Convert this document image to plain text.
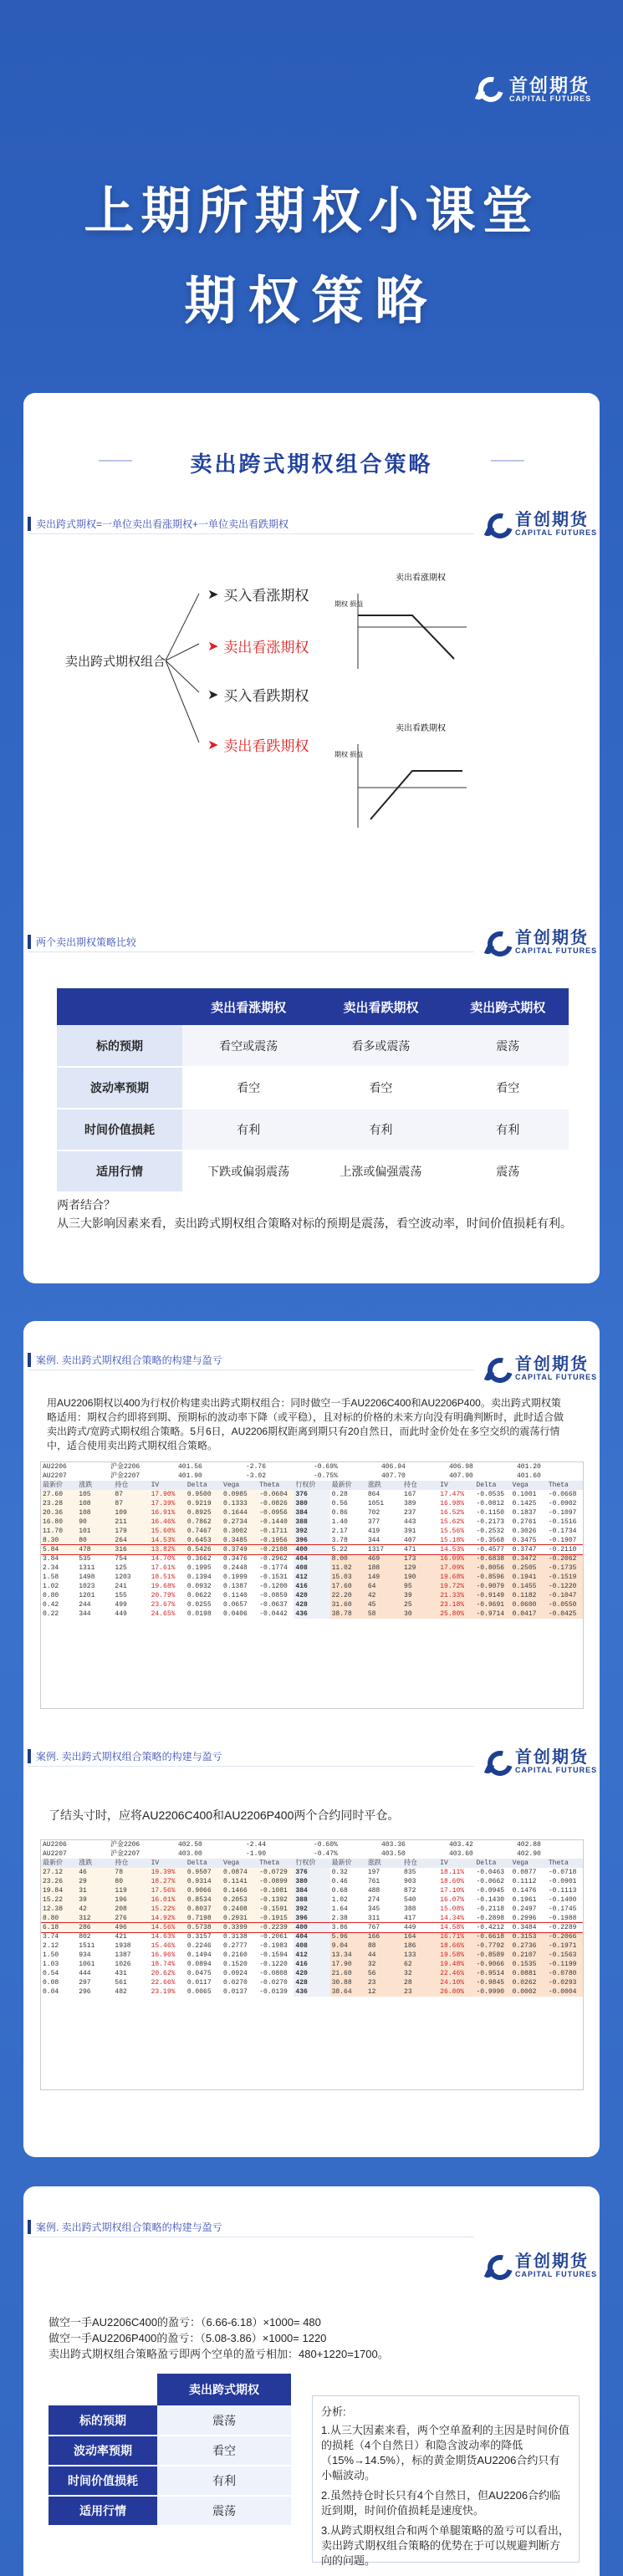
首创期货
CAPITAL FUTURES
上期所期权小课堂
期权策略
卖出跨式期权组合策略
卖出跨式期权=一单位卖出看涨期权+一单位卖出看跌期权	首创期货
CAPITAL FUTURES
卖出跨式期权组合
➤ 买入看涨期权
➤ 卖出看涨期权
➤ 买入看跌期权
➤ 卖出看跌期权
卖出看涨期权
期权 损益
卖出看跌期权
期权 损益
两个卖出期权策略比较	首创期货
CAPITAL FUTURES
	卖出看涨期权	卖出看跌期权	卖出跨式期权
标的预期	看空或震荡	看多或震荡	震荡
波动率预期	看空	看空	看空
时间价值损耗	有利	有利	有利
适用行情	下跌或偏弱震荡	上涨或偏强震荡	震荡
两者结合？
从三大影响因素来看，卖出跨式期权组合策略对标的预期是震荡，看空波动率，时间价值损耗有利。
案例. 卖出跨式期权组合策略的构建与盈亏	首创期货
CAPITAL FUTURES
用AU2206期权以400为行权价构建卖出跨式期权组合：同时做空一手AU2206C400和AU2206P400。卖出跨式期权策略适用：期权合约即将到期、预期标的波动率下降（或平稳），且对标的价格的未来方向没有明确判断时，此时适合做卖出跨式/宽跨式期权组合策略。5月6日，AU2206期权距离到期只有20自然日，而此时金价处在多空交织的震荡行情中，适合使用卖出跨式期权组合策略。
AU2206	沪金2206	401.56	-2.76	-0.69%	406.94	406.98	401.20
AU2207	沪金2207	401.90	-3.02	-0.75%	407.70	407.90	401.60
最新价	涨跌	持仓	IV	Delta	Vega	Theta	行权价	最新价	涨跌	持仓	IV	Delta	Vega	Theta
27.60	105	87	17.90%	0.9500	0.0985	-0.0604	376	0.28	864	167	17.47%	-0.0535	0.1001	-0.0668
23.28	108	87	17.39%	0.9219	0.1333	-0.0826	380	0.56	1051	389	16.98%	-0.0812	0.1425	-0.0902
20.36	108	109	16.91%	0.8925	0.1644	-0.0956	384	0.86	702	237	16.52%	-0.1150	0.1837	-0.1097
16.80	90	211	16.46%	0.7862	0.2734	-0.1440	388	1.40	377	443	15.62%	-0.2173	0.2761	-0.1516
11.70	101	179	15.60%	0.7467	0.3002	-0.1711	392	2.17	419	391	15.56%	-0.2532	0.3026	-0.1734
8.30	80	264	14.53%	0.6453	0.3485	-0.1956	396	3.78	344	407	15.18%	-0.3568	0.3475	-0.1907
5.84	478	316	13.82%	0.5426	0.3749	-0.2108	400	5.22	1317	471	14.53%	-0.4577	0.3747	-0.2110
3.84	535	754	14.70%	0.3662	0.3476	-0.2962	404	8.00	469	173	16.09%	-0.6838	0.3472	-0.2062
2.34	1311	125	17.61%	0.1995	0.2448	-0.1774	408	11.02	188	129	17.09%	-0.8056	0.2505	-0.1735
1.58	1498	1203	18.51%	0.1394	0.1999	-0.1531	412	15.03	149	190	19.68%	-0.8596	0.1941	-0.1519
1.02	1023	241	19.68%	0.0932	0.1387	-0.1200	416	17.60	64	95	19.72%	-0.9079	0.1455	-0.1220
0.80	1201	155	20.79%	0.0622	0.1140	-0.0859	420	22.20	42	39	21.33%	-0.9149	0.1182	-0.1047
0.42	244	499	23.67%	0.0255	0.0657	-0.0637	428	31.60	45	25	23.18%	-0.9691	0.0600	-0.0550
0.22	344	449	24.65%	0.0198	0.0406	-0.0442	436	38.78	58	30	25.80%	-0.9714	0.0417	-0.0425
案例. 卖出跨式期权组合策略的构建与盈亏	首创期货
CAPITAL FUTURES
了结头寸时，应将AU2206C400和AU2206P400两个合约同时平仓。
AU2206	沪金2206	402.50	-2.44	-0.60%	403.36	403.42	402.88
AU2207	沪金2207	403.00	-1.90	-0.47%	403.50	403.60	402.90
最新价	涨跌	持仓	IV	Delta	Vega	Theta	行权价	最新价	涨跌	持仓	IV	Delta	Vega	Theta
27.12	46	78	19.39%	0.9507	0.0874	-0.0729	376	0.32	197	835	18.11%	-0.0463	0.0877	-0.0718
23.26	29	80	18.27%	0.9314	0.1141	-0.0899	380	0.46	761	903	18.60%	-0.0662	0.1112	-0.0901
19.84	31	119	17.56%	0.9066	0.1466	-0.1081	384	0.68	488	872	17.10%	-0.0945	0.1476	-0.1113
15.22	39	196	16.01%	0.8534	0.2053	-0.1392	388	1.02	274	540	16.07%	-0.1430	0.1961	-0.1400
12.38	42	208	15.22%	0.8037	0.2408	-0.1591	392	1.64	345	388	15.08%	-0.2118	0.2497	-0.1745
8.80	312	276	14.92%	0.7198	0.2931	-0.1915	396	2.38	311	417	14.34%	-0.2898	0.2996	-0.1988
6.18	286	496	14.56%	0.5738	0.3399	-0.2239	400	3.86	767	449	14.58%	-0.4212	0.3484	-0.2289
3.74	802	421	14.63%	0.3157	0.3138	-0.2061	404	5.96	166	164	16.71%	-0.6618	0.3153	-0.2066
2.12	1511	1938	15.46%	0.2246	0.2777	-0.1983	408	9.04	88	186	18.66%	-0.7792	0.2736	-0.1971
1.50	934	1387	16.96%	0.1494	0.2160	-0.1594	412	13.34	44	133	19.58%	-0.8589	0.2107	-0.1563
1.03	1061	1026	18.74%	0.0894	0.1520	-0.1220	416	17.90	32	62	19.48%	-0.9066	0.1535	-0.1199
0.54	444	431	20.62%	0.0475	0.0924	-0.0808	420	21.60	56	32	22.46%	-0.9514	0.0881	-0.0780
0.08	297	561	22.66%	0.0117	0.0270	-0.0270	428	30.88	23	28	24.10%	-0.9845	0.0262	-0.0293
0.04	296	482	23.19%	0.0065	0.0137	-0.0139	436	38.64	12	23	26.80%	-0.9990	0.0002	-0.0004
案例. 卖出跨式期权组合策略的构建与盈亏
首创期货
CAPITAL FUTURES
做空一手AU2206C400的盈亏：（6.66-6.18）×1000= 480
做空一手AU2206P400的盈亏：（5.08-3.86）×1000= 1220
卖出跨式期权组合策略盈亏即两个空单的盈亏相加：480+1220=1700。
	卖出跨式期权
标的预期	震荡
波动率预期	看空
时间价值损耗	有利
适用行情	震荡
分析:
1.从三大因素来看，两个空单盈利的主因是时间价值的损耗（4个自然日）和隐含波动率的降低（15%→14.5%），标的黄金期货AU2206合约只有小幅波动。
2.虽然持仓时长只有4个自然日，但AU2206合约临近到期，时间价值损耗是速度快。
3.从跨式期权组合和两个单腿策略的盈亏可以看出，卖出跨式期权组合策略的优势在于可以规避判断方向的问题。
